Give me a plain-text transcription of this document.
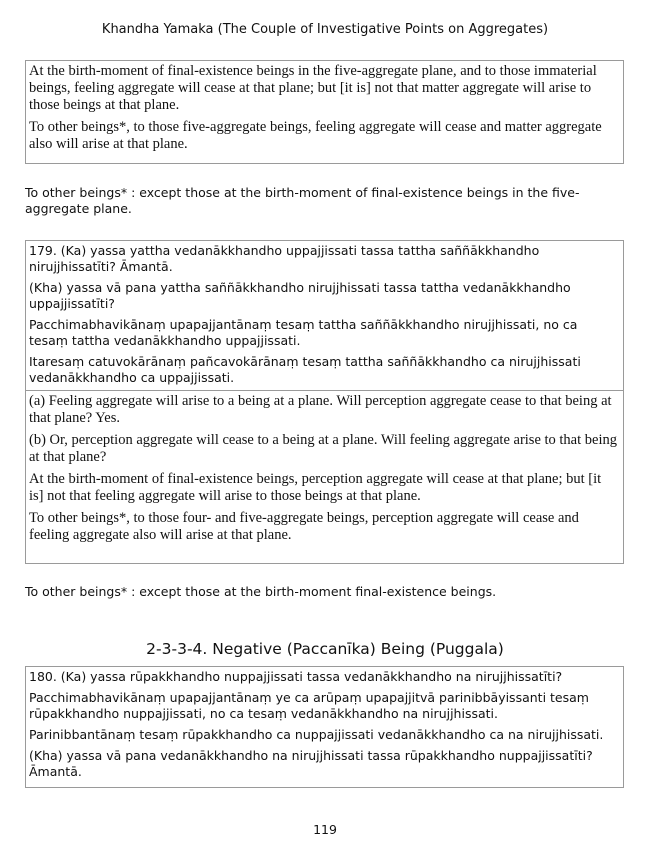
Khandha Yamaka (The Couple of Investigative Points on Aggregates)

At the birth-moment of final-existence beings in the five-aggregate plane, and to those immaterial beings, feeling aggregate will cease at that plane; but [it is] not that matter aggregate will arise to those beings at that plane.

To other beings*, to those five-aggregate beings, feeling aggregate will cease and matter aggregate also will arise at that plane.

To other beings* : except those at the birth-moment of final-existence beings in the five-aggregate plane.

179. (Ka) yassa yattha vedanākkhandho uppajjissati tassa tattha saññākkhandho nirujjhissatīti? Āmantā.

(Kha) yassa vā pana yattha saññākkhandho nirujjhissati tassa tattha vedanākkhandho uppajjissatīti?

Pacchimabhavikānaṃ upapajjantānaṃ tesaṃ tattha saññākkhandho nirujjhissati, no ca tesaṃ tattha vedanākkhandho uppajjissati.

Itaresaṃ catuvokārānaṃ pañcavokārānaṃ tesaṃ tattha saññākkhandho ca nirujjhissati vedanākkhandho ca uppajjissati.

(a) Feeling aggregate will arise to a being at a plane. Will perception aggregate cease to that being at that plane? Yes.

(b) Or, perception aggregate will cease to a being at a plane. Will feeling aggregate arise to that being at that plane?

At the birth-moment of final-existence beings, perception aggregate will cease at that plane; but [it is] not that feeling aggregate will arise to those beings at that plane.

To other beings*, to those four- and five-aggregate beings, perception aggregate will cease and feeling aggregate also will arise at that plane.

To other beings* : except those at the birth-moment final-existence beings.

2-3-3-4. Negative (Paccanīka) Being (Puggala)

180. (Ka) yassa rūpakkhandho nuppajjissati tassa vedanākkhandho na nirujjhissatīti?

Pacchimabhavikānaṃ upapajjantānaṃ ye ca arūpaṃ upapajjitvā parinibbāyissanti tesaṃ rūpakkhandho nuppajjissati, no ca tesaṃ vedanākkhandho na nirujjhissati.

Parinibbantānaṃ tesaṃ rūpakkhandho ca nuppajjissati vedanākkhandho ca na nirujjhissati.

(Kha) yassa vā pana vedanākkhandho na nirujjhissati tassa rūpakkhandho nuppajjissatīti? Āmantā.

119
